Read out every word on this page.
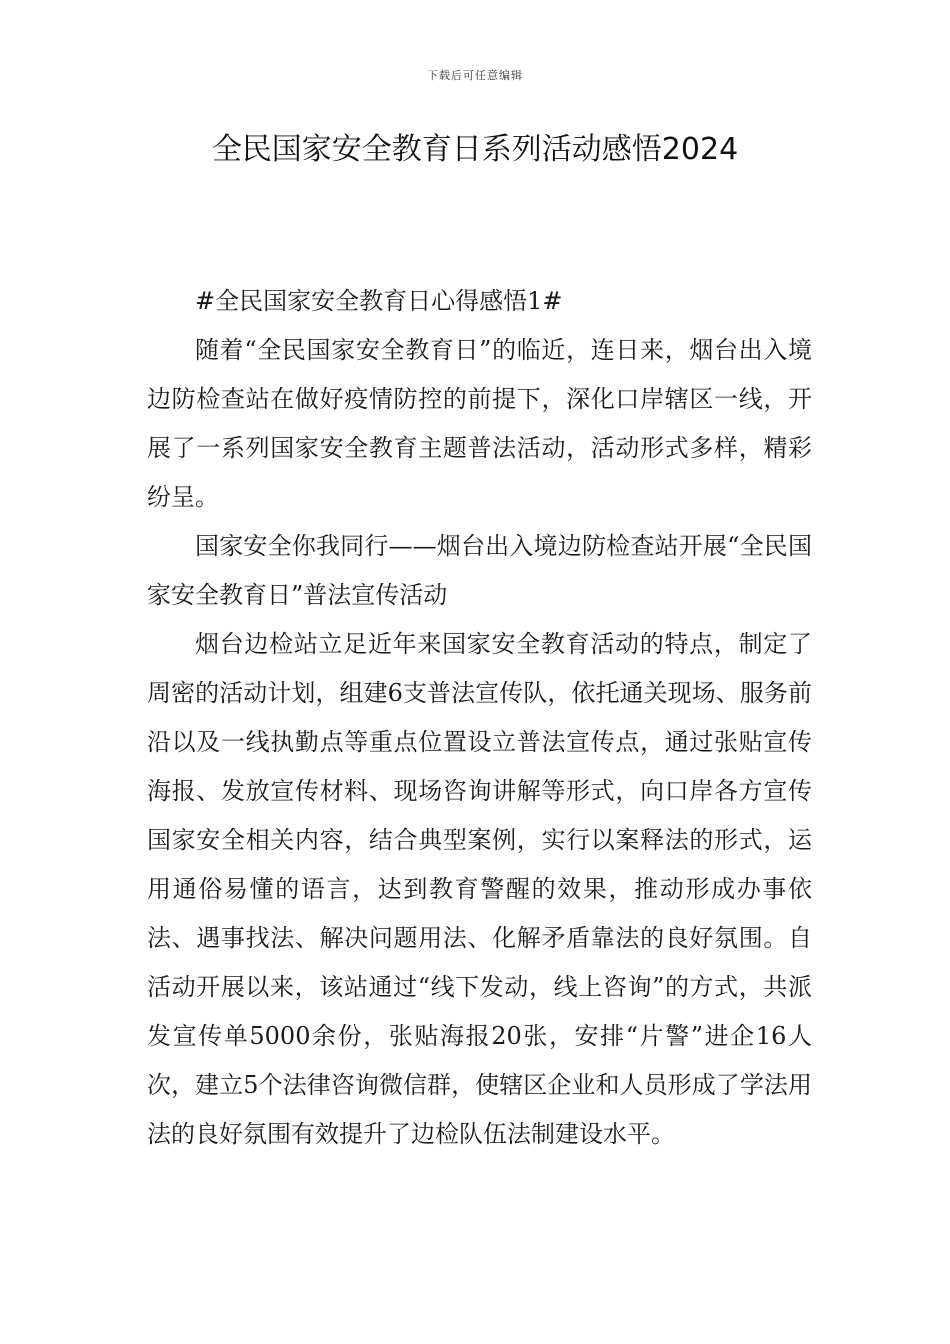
下载后可任意编辑
全民国家安全教育日系列活动感悟2024

#全民国家安全教育日心得感悟1#

随着“全民国家安全教育日”的临近，连日来，烟台出入境边防检查站在做好疫情防控的前提下，深化口岸辖区一线，开展了一系列国家安全教育主题普法活动，活动形式多样，精彩纷呈。

国家安全你我同行——烟台出入境边防检查站开展“全民国家安全教育日”普法宣传活动

烟台边检站立足近年来国家安全教育活动的特点，制定了周密的活动计划，组建6支普法宣传队，依托通关现场、服务前沿以及一线执勤点等重点位置设立普法宣传点，通过张贴宣传海报、发放宣传材料、现场咨询讲解等形式，向口岸各方宣传国家安全相关内容，结合典型案例，实行以案释法的形式，运用通俗易懂的语言，达到教育警醒的效果，推动形成办事依法、遇事找法、解决问题用法、化解矛盾靠法的良好氛围。自活动开展以来，该站通过“线下发动，线上咨询”的方式，共派发宣传单5000余份，张贴海报20张，安排“片警”进企16人次，建立5个法律咨询微信群，使辖区企业和人员形成了学法用法的良好氛围有效提升了边检队伍法制建设水平。
